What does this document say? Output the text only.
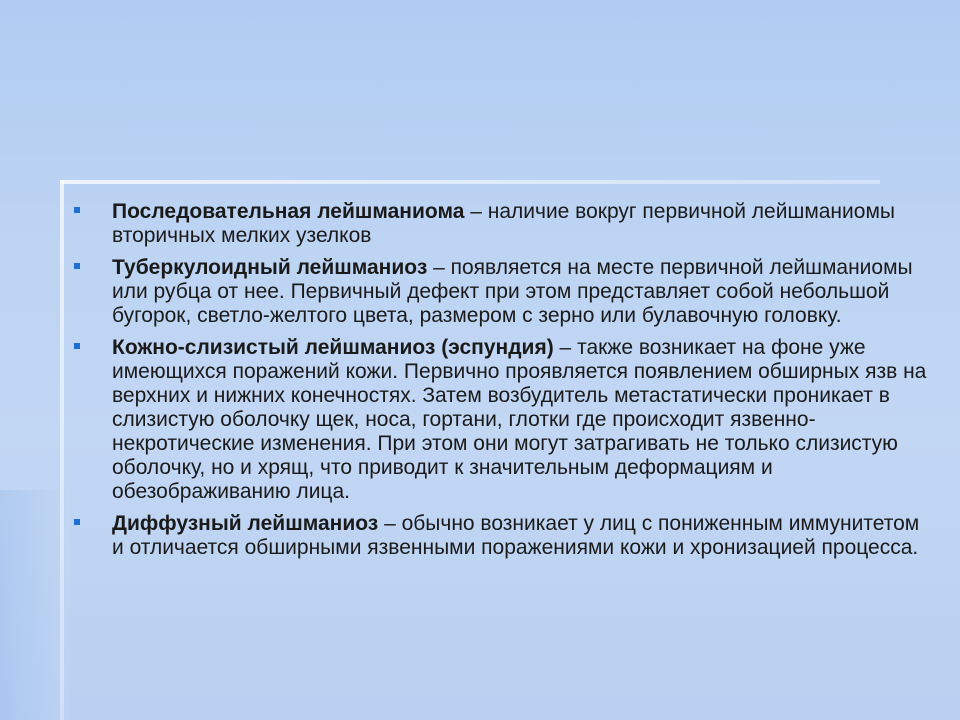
Последовательная лейшманиома – наличие вокруг первичной лейшманиомы вторичных мелких узелков
Туберкулоидный лейшманиоз – появляется на месте первичной лейшманиомы или рубца от нее. Первичный дефект при этом представляет собой небольшой бугорок, светло-желтого цвета, размером с зерно или булавочную головку.
Кожно-слизистый лейшманиоз (эспундия) – также возникает на фоне уже имеющихся поражений кожи. Первично проявляется появлением обширных язв на верхних и нижних конечностях. Затем возбудитель метастатически проникает в слизистую оболочку щек, носа, гортани, глотки где происходит язвенно-некротические изменения. При этом они могут затрагивать не только слизистую оболочку, но и хрящ, что приводит к значительным деформациям и обезображиванию лица.
Диффузный лейшманиоз – обычно возникает у лиц с пониженным иммунитетом и отличается обширными язвенными поражениями кожи и хронизацией процесса.
